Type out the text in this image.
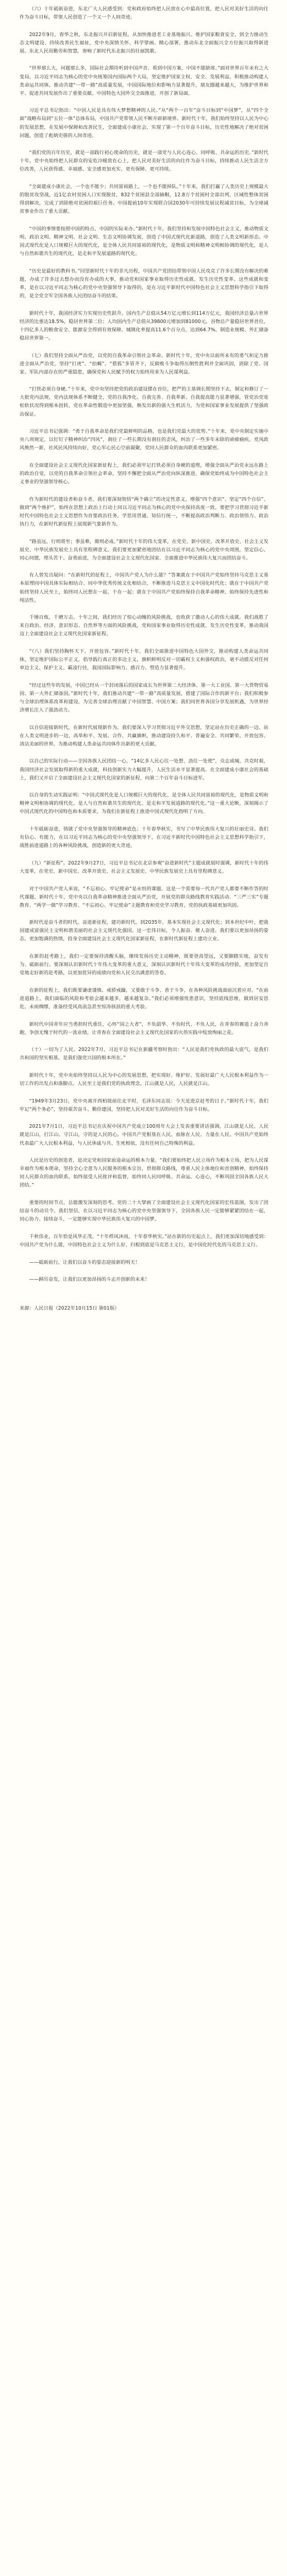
（六）十年砥砺奋进，东北广大人民感受到：党和政府始终把人民放在心中最高位置，把人民对美好生活的向往作为奋斗目标，带领人民创造了一个又一个人间奇迹。

2022年9月，春华之秋，东北振兴开启新征程。从加快推进老工业基地振兴、维护国家粮食安全，到全力推动生态文明建设、持续改善民生福祉，党中央深情关怀、科学擘画、精心部署，推动东北全面振兴全方位振兴取得新进展。东北人民用勤劳和智慧，奏响了新时代东北振兴的壮丽凯歌。

“世界那么大，问题那么多，国际社会期待听到中国声音、看到中国方案，中国不能缺席。”面对世界百年未有之大变局，以习近平同志为核心的党中央统筹国内国际两个大局，坚定维护国家主权、安全、发展利益，积极推动构建人类命运共同体，推动共建“一带一路”高质量发展，中国国际地位和影响力显著提升，朋友圈越来越大，为维护世界和平、促进共同发展作出了重要贡献。中国特色大国外交全面推进，开创了新局面。

习近平总书记指出：“中国人民是具有伟大梦想精神的人民。”从“两个一百年”奋斗目标到“中国梦”，从“四个全面”战略布局到“五位一体”总体布局，中国共产党带领人民不断开辟新境界。新时代十年，我们始终坚持以人民为中心的发展思想，在发展中保障和改善民生，全面建成小康社会，实现了第一个百年奋斗目标，历史性地解决了绝对贫困问题，创造了彪炳史册的人间奇迹。

“我们党的百年历史，就是一部践行初心使命的历史，就是一部党与人民心连心、同呼吸、共命运的历史。”新时代十年，党中央始终把人民群众的安危冷暖放在心上，把人民对美好生活的向往作为奋斗目标，持续推动人民生活全方位改善，人民获得感、幸福感、安全感更加充实、更有保障、更可持续。

“全面建成小康社会，一个也不能少；共同富裕路上，一个也不能掉队。”十年来，我们打赢了人类历史上规模最大的脱贫攻坚战，近1亿农村贫困人口实现脱贫，832个贫困县全部摘帽，12.8万个贫困村全部出列，区域性整体贫困得到解决，完成了消除绝对贫困的艰巨任务。中国提前10年实现联合国2030年可持续发展议程减贫目标，为全球减贫事业作出了重大贡献。

“中国的事情要按照中国的特点、中国的实际来办。”新时代十年，我们坚持和发展中国特色社会主义，推动物质文明、政治文明、精神文明、社会文明、生态文明协调发展，创造了中国式现代化新道路，创造了人类文明新形态。中国式现代化是人口规模巨大的现代化，是全体人民共同富裕的现代化，是物质文明和精神文明相协调的现代化，是人与自然和谐共生的现代化，是走和平发展道路的现代化。

“历史是最好的教科书。”回望新时代十年的非凡历程，中国共产党团结带领中国人民攻克了许多长期没有解决的难题，办成了许多过去想办而没有办成的大事，推动党和国家事业取得历史性成就、发生历史性变革。这些成就和变革，是在以习近平同志为核心的党中央坚强领导下取得的，是在习近平新时代中国特色社会主义思想科学指引下取得的，是全党全军全国各族人民团结奋斗的结果。

新时代十年，我国经济实力实现历史性跃升。国内生产总值从54万亿元增长到114万亿元，我国经济总量占世界经济的比重达18.5%，稳居世界第二位；人均国内生产总值从39800元增加到81000元。谷物总产量稳居世界首位，十四亿多人的粮食安全、能源安全得到有效保障。城镇化率提高11.6个百分点，达到64.7%。制造业规模、外汇储备稳居世界第一。

（七）我们坚持全面从严治党，以党的自我革命引领社会革命。新时代十年，党中央以前所未有的勇气和定力推进全面从严治党，坚持“打虎”、“拍蝇”、“猎狐”多管齐下，反腐败斗争取得压倒性胜利并全面巩固，消除了党、国家、军队内部存在的严重隐患，确保党和人民赋予的权力始终用来为人民谋利益。

“打铁必须自身硬。”十年来，党中央坚持把党的政治建设摆在首位，把严的主基调长期坚持下去，制定和修订了一大批党内法规，党内法规体系不断健全，党的自我净化、自我完善、自我革新、自我提高能力显著增强，管党治党宽松软状况得到根本扭转，党在革命性锻造中更加坚强，焕发出新的强大生机活力，为党和国家事业发展提供了坚强政治保证。

习近平总书记强调：“勇于自我革命是我们党最鲜明的品格，也是我们党最大的优势。”十年来，党中央制定实施中央八项规定，以钉钉子精神纠治“四风”，刹住了一些长期没有刹住的歪风，纠治了一些多年未除的顽瘴痼疾。党风政风焕然一新，社风民风持续向好，党心军心民心空前凝聚，党同人民群众的血肉联系更加紧密。

在全面建设社会主义现代化国家新征程上，我们必须牢记打铁必须自身硬的道理，增强全面从严治党永远在路上的政治自觉，以党的自我革命引领社会革命，坚持不懈把全面从严治党向纵深推进，确保党始终成为中国特色社会主义事业的坚强领导核心。

作为新时代的建设者和奋斗者，我们要深刻领悟“两个确立”的决定性意义，增强“四个意识”、坚定“四个自信”、做到“两个维护”，始终在思想上政治上行动上同以习近平同志为核心的党中央保持高度一致。要把学习贯彻习近平新时代中国特色社会主义思想作为首要政治任务，学思用贯通、知信行统一，不断提高政治判断力、政治领悟力、政治执行力，在新时代新征程上展现新气象新作为。

“路虽远，行则将至；事虽难，做则必成。”新时代十年的伟大变革，在党史、新中国史、改革开放史、社会主义发展史、中华民族发展史上具有里程碑意义。我们要更加紧密地团结在以习近平同志为核心的党中央周围，坚定信心、同心同德，埋头苦干、奋勇前进，为全面建设社会主义现代化国家、全面推进中华民族伟大复兴而团结奋斗。

有人曾发出疑问：“在新时代的征程上，中国共产党人为什么能？”答案就在于中国共产党始终坚持马克思主义基本原理同中国具体实际相结合、同中华优秀传统文化相结合，不断推进马克思主义中国化时代化；就在于中国共产党始终坚持人民至上，始终同人民想在一起、干在一起；就在于中国共产党始终保持自我革命精神，始终保持先进性和纯洁性。

千锤百炼，千磨万击。十年之间，我们经历了惊心动魄的风险挑战，也收获了激动人心的伟大成就。我们战胜了来自政治、经济、意识形态、自然界等方面的风险挑战，党和国家事业取得历史性成就、发生历史性变革，推动我国迈上全面建设社会主义现代化国家新征程。

“（八）我们坚持胸怀天下、开放包容。”新时代十年，我们全面推进中国特色大国外交，推动构建人类命运共同体，坚定维护国际公平正义，倡导践行真正的多边主义，旗帜鲜明反对一切霸权主义和强权政治，毫不动摇反对任何单边主义、保护主义、霸凌行径，我国国际影响力、感召力、塑造力显著提升。

“经过这些年的发展，中国已经从一个封闭落后的国家成长为世界第二大经济体、第一大工业国、第一大货物贸易国、第一大外汇储备国。”新时代十年，我们推动共建“一带一路”高质量发展，搭建了国际合作的新平台；我们积极参与全球治理体系改革和建设，为完善全球治理贡献了中国智慧、中国方案；我们同世界各国分享发展机遇，为世界经济增长注入了强劲动力。

以自信迎接新时代，在新时代展现新作为。我们要深入学习贯彻习近平外交思想，坚定站在历史正确的一边、站在人类文明进步的一边，高举和平、发展、合作、共赢旗帜，推动建设持久和平、普遍安全、共同繁荣、开放包容、清洁美丽的世界，为推动构建人类命运共同体作出新的更大贡献。

以自己的实际行动——全国各族人民团结一心，“14亿多人民心往一处想、劲往一处使”，众志成城、共克时艰，我国经济社会发展取得新的重大成就，科技创新实力大幅提升，人民生活水平显著提高。在全面建成小康社会的基础上，我们又开启了全面建设社会主义现代化国家的新征程，向第二个百年奋斗目标进军。

以自身的生动实践证明：“中国式现代化是人口规模巨大的现代化、是全体人民共同富裕的现代化、是物质文明和精神文明相协调的现代化、是人与自然和谐共生的现代化、是走和平发展道路的现代化。”这一重大论断，深刻揭示了中国式现代化的中国特色和本质要求，为我们在新征程上推进中国式现代化指明了方向。

十年砥砺奋进，铸就了党中央坚强领导的精神底色；十年春华秋实，书写了中华民族伟大复兴的壮丽史诗。我们有信心、有能力，在以习近平同志为核心的党中央坚强领导下，在习近平新时代中国特色社会主义思想科学指引下，战胜前进道路上的各种风险挑战，创造新的更大奇迹。

（九）“新征程”。2022年9月27日，习近平总书记在北京参观“奋进新时代”主题成就展时强调，新时代十年的伟大变革，在党史、新中国史、改革开放史、社会主义发展史、中华民族发展史上具有里程碑意义。

对于中国共产党人来说，“不忘初心、牢记使命”是永恒的课题。这是一个需要每一代共产党人都要不断作答的时代课题。新时代十年，党中央以自我革命精神推进全面从严治党，开展党的群众路线教育实践活动、“三严三实”专题教育、“两学一做”学习教育、“不忘初心、牢记使命”主题教育和党史学习教育，党的执政基础更加巩固。

新时代是奋斗者的时代。奋进新征程，建功新时代。到2035年，基本实现社会主义现代化；到本世纪中叶，把我国建成富强民主文明和谐美丽的社会主义现代化强国。这一宏伟目标，令人振奋、催人奋进。我们要以更加昂扬的姿态、更加饱满的热情，投身全面建设社会主义现代化国家新征程，在新时代新征程上建功立业。

在新的赶考路上，我们一定要保持清醒头脑，继续发扬历史主动精神，既要登高望远，又要脚踏实地，奋发有为、砥砺前行。要深刻认识新时代十年伟大变革的重大意义，深刻认识新时代十年伟大变革的成功经验，更加坚定自觉地走好新的赶考路，以更加优异的成绩向党和人民交出满意的答卷。

在新的征程上，我们既要谦虚谨慎、戒骄戒躁，又要敢于斗争、善于斗争，在各种风险挑战面前沉着应对。“在前进道路上，我们面临的风险和考验会越来越多，越来越复杂。”我们必须增强忧患意识，坚持底线思维，做到居安思危、未雨绸缪，准备经受风高浪急甚至惊涛骇浪的重大考验。

新时代中国青年应当勇担时代重任，心怀“国之大者”，不负韶华、不负时代、不负人民，在青春的赛道上奋力奔跑，争创无愧于时代的一流业绩，让青春在全面建设社会主义现代化国家的火热实践中绽放绚丽之花。

（十）一切为了人民。2022年7月，习近平总书记在新疆考察时指出：“人民是我们党执政的最大底气，是我们共和国的坚实根基，是我们强党兴国的根本所在。”

新时代十年，党中央始终坚持以人民为中心的发展思想，把实现好、维护好、发展好最广大人民根本利益作为一切工作的出发点和落脚点。人民至上是我们党的执政理念。江山就是人民，人民就是江山。

“1949年3月23日，党中央离开西柏坡前往北平时，毛泽东同志说：今天是进京赶考的日子。”新时代十年，我们牢记“两个务必”，坚持艰苦奋斗、勤俭建国，坚持把人民对美好生活的向往作为奋斗目标。

2021年7月1日，习近平总书记在庆祝中国共产党成立100周年大会上发表重要讲话强调，江山就是人民、人民就是江山，打江山、守江山，守的是人民的心。中国共产党根基在人民、血脉在人民、力量在人民。中国共产党始终代表最广大人民根本利益，与人民休戚与共、生死相依，没有任何自己特殊的利益。

人民是历史的创造者，是决定党和国家前途命运的根本力量。“我们要始终把人民立场作为根本立场，把为人民谋幸福作为根本使命，坚持全心全意为人民服务的根本宗旨，贯彻群众路线，尊重人民主体地位和首创精神，始终保持同人民群众的血肉联系，始终接受人民批评和监督，始终同人民同呼吸、共命运、心连心，不断巩固全国各族人民大团结。”

重要的时间节点，总能激发深刻的思考。党的二十大擘画了全面建设社会主义现代化国家的宏伟蓝图，发出了团结奋斗的动员令。我们坚信，在以习近平同志为核心的党中央坚强领导下，全国各族人民一定能够紧紧团结在一起，同心协力、接续奋斗，一定能够实现中华民族伟大复兴的中国梦。

千秋伟业，百年恰是风华正茂。“十年栉风沐雨，十年春华秋实。”站在新的历史起点上，我们更加深切地感受到：中国共产党为什么能，中国特色社会主义为什么好，归根到底是马克思主义行，是中国化时代化的马克思主义行。

——砥砺前行，让我们以奋斗的姿态迎接新的明天！

——踔厉奋发，让我们以更加昂扬的斗志开创新的未来！

来源：人民日报（2022年10月15日 第01版）
